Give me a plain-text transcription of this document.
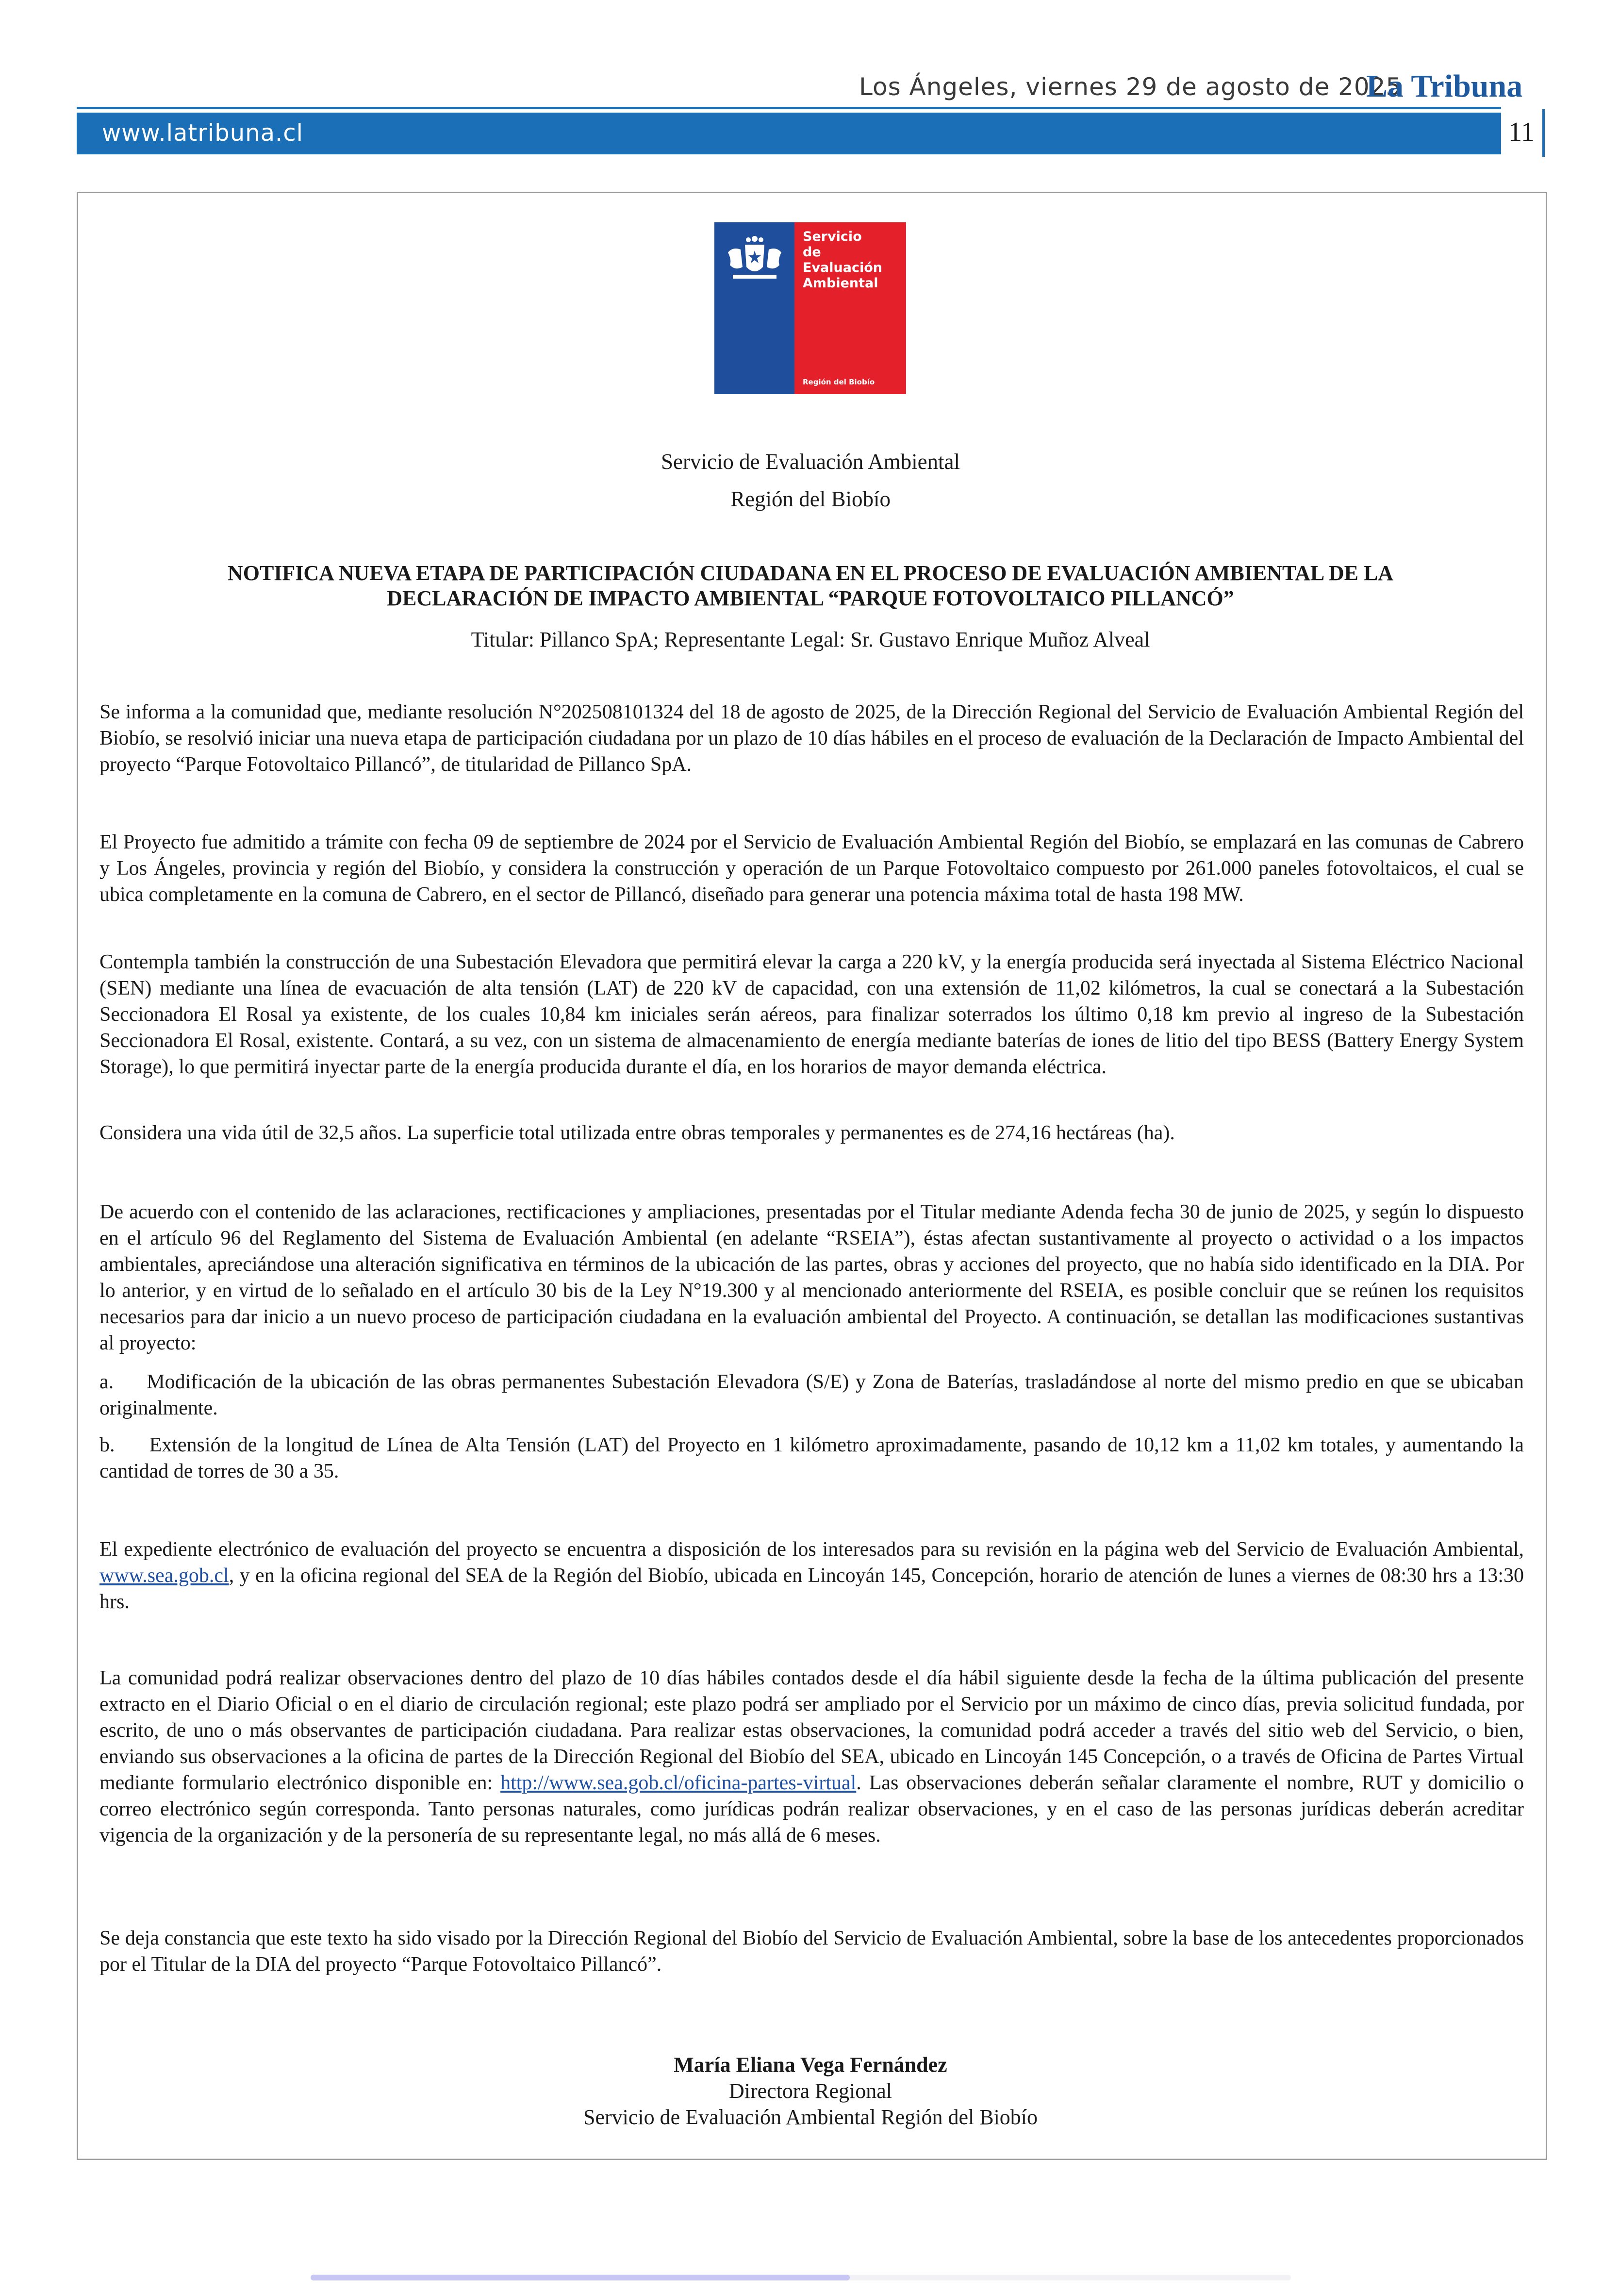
Los Ángeles, viernes 29 de agosto de 2025
La Tribuna
www.latribuna.cl	11
Servicio
de Evaluación
Ambiental
Región del Biobío
Servicio de Evaluación Ambiental
Región del Biobío
NOTIFICA NUEVA ETAPA DE PARTICIPACIÓN CIUDADANA EN EL PROCESO DE EVALUACIÓN AMBIENTAL DE LA
DECLARACIÓN DE IMPACTO AMBIENTAL “PARQUE FOTOVOLTAICO PILLANCÓ”
Titular: Pillanco SpA; Representante Legal: Sr. Gustavo Enrique Muñoz Alveal

Se informa a la comunidad que, mediante resolución N°202508101324 del 18 de agosto de 2025, de la Dirección Regional del Servicio de Evaluación Ambiental Región del Biobío, se resolvió iniciar una nueva etapa de participación ciudadana por un plazo de 10 días hábiles en el proceso de evaluación de la Declaración de Impacto Ambiental del proyecto “Parque Fotovoltaico Pillancó”, de titularidad de Pillanco SpA.

El Proyecto fue admitido a trámite con fecha 09 de septiembre de 2024 por el Servicio de Evaluación Ambiental Región del Biobío, se emplazará en las comunas de Cabrero y Los Ángeles, provincia y región del Biobío, y considera la construcción y operación de un Parque Fotovoltaico compuesto por 261.000 paneles fotovoltaicos, el cual se ubica completamente en la comuna de Cabrero, en el sector de Pillancó, diseñado para generar una potencia máxima total de hasta 198 MW.

Contempla también la construcción de una Subestación Elevadora que permitirá elevar la carga a 220 kV, y la energía producida será inyectada al Sistema Eléctrico Nacional (SEN) mediante una línea de evacuación de alta tensión (LAT) de 220 kV de capacidad, con una extensión de 11,02 kilómetros, la cual se conectará a la Subestación Seccionadora El Rosal ya existente, de los cuales 10,84 km iniciales serán aéreos, para finalizar soterrados los último 0,18 km previo al ingreso de la Subestación Seccionadora El Rosal, existente. Contará, a su vez, con un sistema de almacenamiento de energía mediante baterías de iones de litio del tipo BESS (Battery Energy System Storage), lo que permitirá inyectar parte de la energía producida durante el día, en los horarios de mayor demanda eléctrica.

Considera una vida útil de 32,5 años. La superficie total utilizada entre obras temporales y permanentes es de 274,16 hectáreas (ha).

De acuerdo con el contenido de las aclaraciones, rectificaciones y ampliaciones, presentadas por el Titular mediante Adenda fecha 30 de junio de 2025, y según lo dispuesto en el artículo 96 del Reglamento del Sistema de Evaluación Ambiental (en adelante “RSEIA”), éstas afectan sustantivamente al proyecto o actividad o a los impactos ambientales, apreciándose una alteración significativa en términos de la ubicación de las partes, obras y acciones del proyecto, que no había sido identificado en la DIA. Por lo anterior, y en virtud de lo señalado en el artículo 30 bis de la Ley N°19.300 y al mencionado anteriormente del RSEIA, es posible concluir que se reúnen los requisitos necesarios para dar inicio a un nuevo proceso de participación ciudadana en la evaluación ambiental del Proyecto. A continuación, se detallan las modificaciones sustantivas al proyecto:

a. Modificación de la ubicación de las obras permanentes Subestación Elevadora (S/E) y Zona de Baterías, trasladándose al norte del mismo predio en que se ubicaban originalmente.

b. Extensión de la longitud de Línea de Alta Tensión (LAT) del Proyecto en 1 kilómetro aproximadamente, pasando de 10,12 km a 11,02 km totales, y aumentando la cantidad de torres de 30 a 35.

El expediente electrónico de evaluación del proyecto se encuentra a disposición de los interesados para su revisión en la página web del Servicio de Evaluación Ambiental, www.sea.gob.cl, y en la oficina regional del SEA de la Región del Biobío, ubicada en Lincoyán 145, Concepción, horario de atención de lunes a viernes de 08:30 hrs a 13:30 hrs.

La comunidad podrá realizar observaciones dentro del plazo de 10 días hábiles contados desde el día hábil siguiente desde la fecha de la última publicación del presente extracto en el Diario Oficial o en el diario de circulación regional; este plazo podrá ser ampliado por el Servicio por un máximo de cinco días, previa solicitud fundada, por escrito, de uno o más observantes de participación ciudadana. Para realizar estas observaciones, la comunidad podrá acceder a través del sitio web del Servicio, o bien, enviando sus observaciones a la oficina de partes de la Dirección Regional del Biobío del SEA, ubicado en Lincoyán 145 Concepción, o a través de Oficina de Partes Virtual mediante formulario electrónico disponible en: http://www.sea.gob.cl/oficina-partes-virtual. Las observaciones deberán señalar claramente el nombre, RUT y domicilio o correo electrónico según corresponda. Tanto personas naturales, como jurídicas podrán realizar observaciones, y en el caso de las personas jurídicas deberán acreditar vigencia de la organización y de la personería de su representante legal, no más allá de 6 meses.

Se deja constancia que este texto ha sido visado por la Dirección Regional del Biobío del Servicio de Evaluación Ambiental, sobre la base de los antecedentes proporcionados por el Titular de la DIA del proyecto “Parque Fotovoltaico Pillancó”.

María Eliana Vega Fernández
Directora Regional
Servicio de Evaluación Ambiental Región del Biobío
